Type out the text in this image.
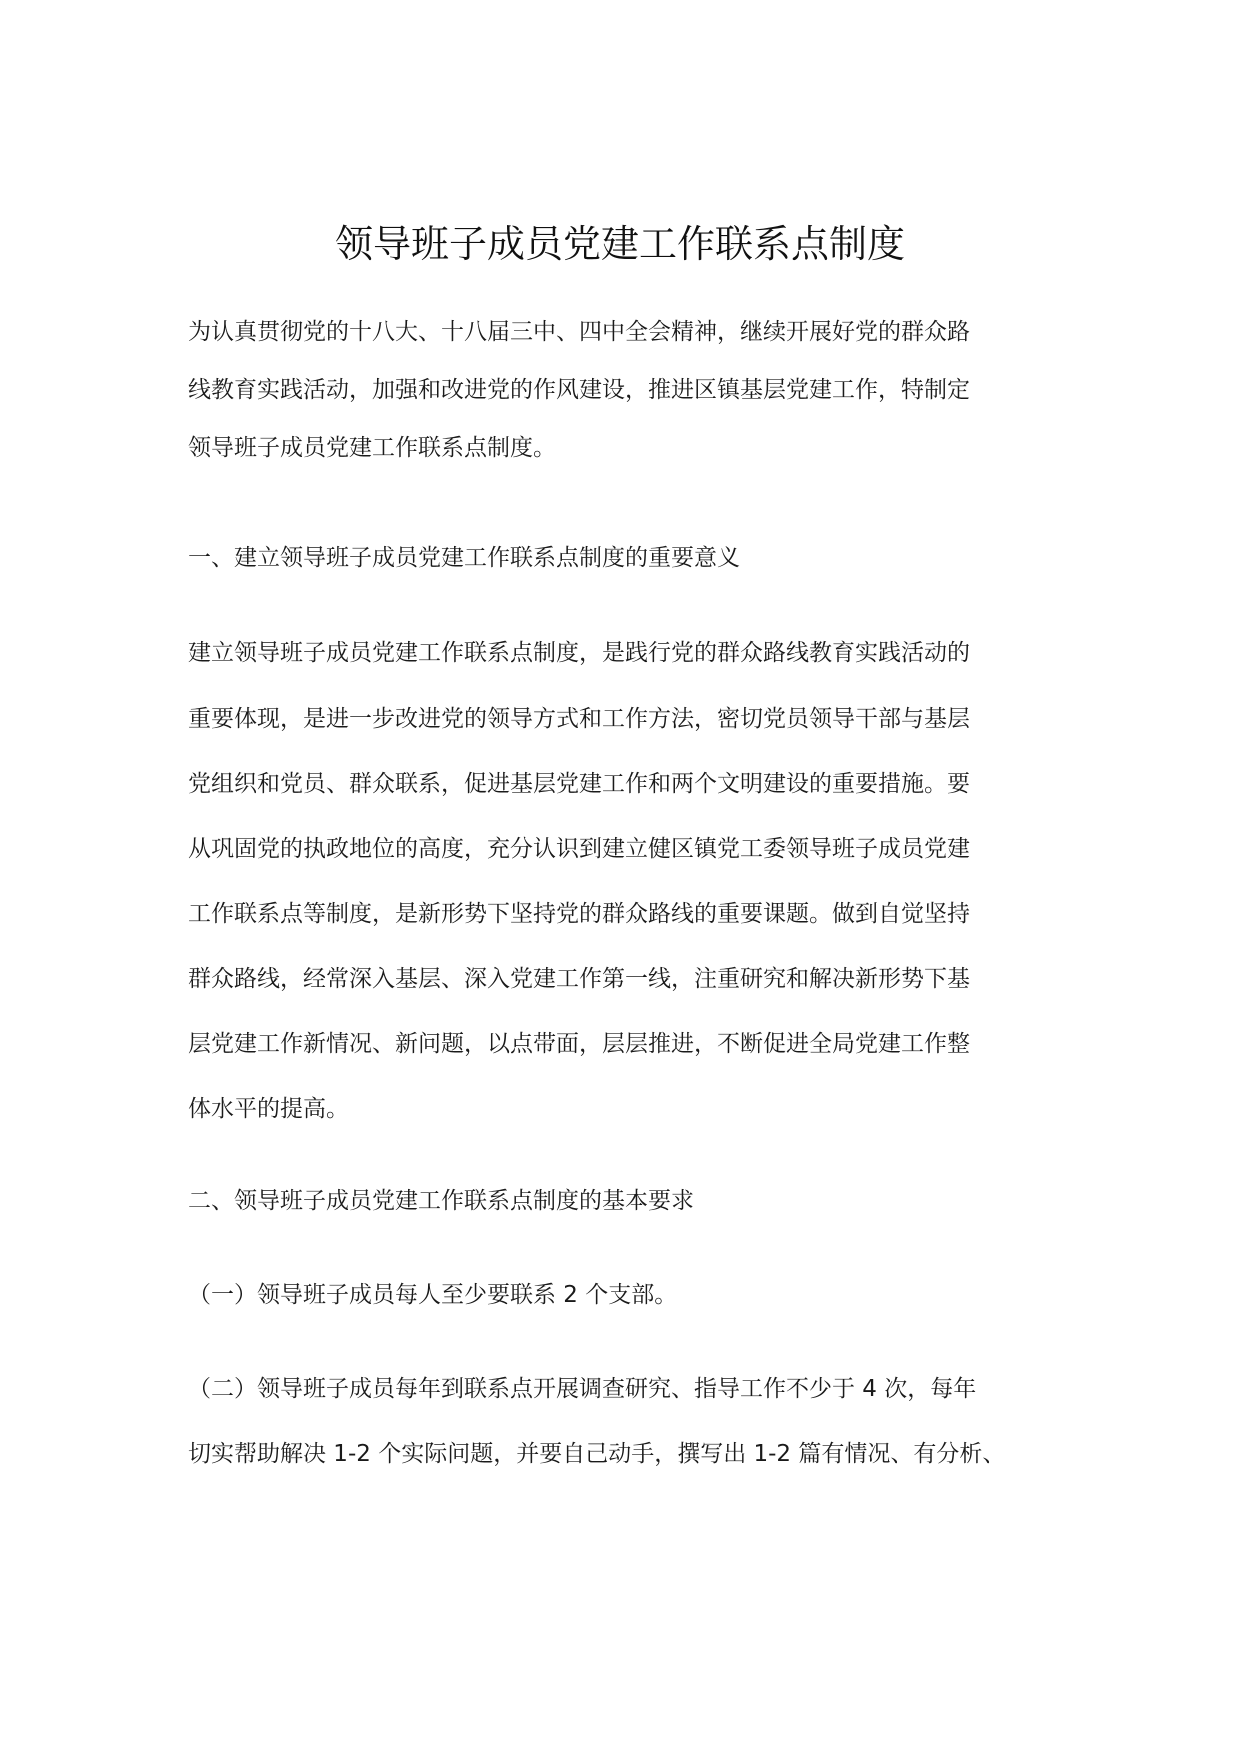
领导班子成员党建工作联系点制度

为认真贯彻党的十八大、十八届三中、四中全会精神，继续开展好党的群众路

线教育实践活动，加强和改进党的作风建设，推进区镇基层党建工作，特制定

领导班子成员党建工作联系点制度。

一、建立领导班子成员党建工作联系点制度的重要意义

建立领导班子成员党建工作联系点制度，是践行党的群众路线教育实践活动的

重要体现，是进一步改进党的领导方式和工作方法，密切党员领导干部与基层

党组织和党员、群众联系，促进基层党建工作和两个文明建设的重要措施。要

从巩固党的执政地位的高度，充分认识到建立健区镇党工委领导班子成员党建

工作联系点等制度，是新形势下坚持党的群众路线的重要课题。做到自觉坚持

群众路线，经常深入基层、深入党建工作第一线，注重研究和解决新形势下基

层党建工作新情况、新问题，以点带面，层层推进，不断促进全局党建工作整

体水平的提高。

二、领导班子成员党建工作联系点制度的基本要求

（一）领导班子成员每人至少要联系 2 个支部。

（二）领导班子成员每年到联系点开展调查研究、指导工作不少于 4 次，每年

切实帮助解决 1-2 个实际问题，并要自己动手，撰写出 1-2 篇有情况、有分析、
